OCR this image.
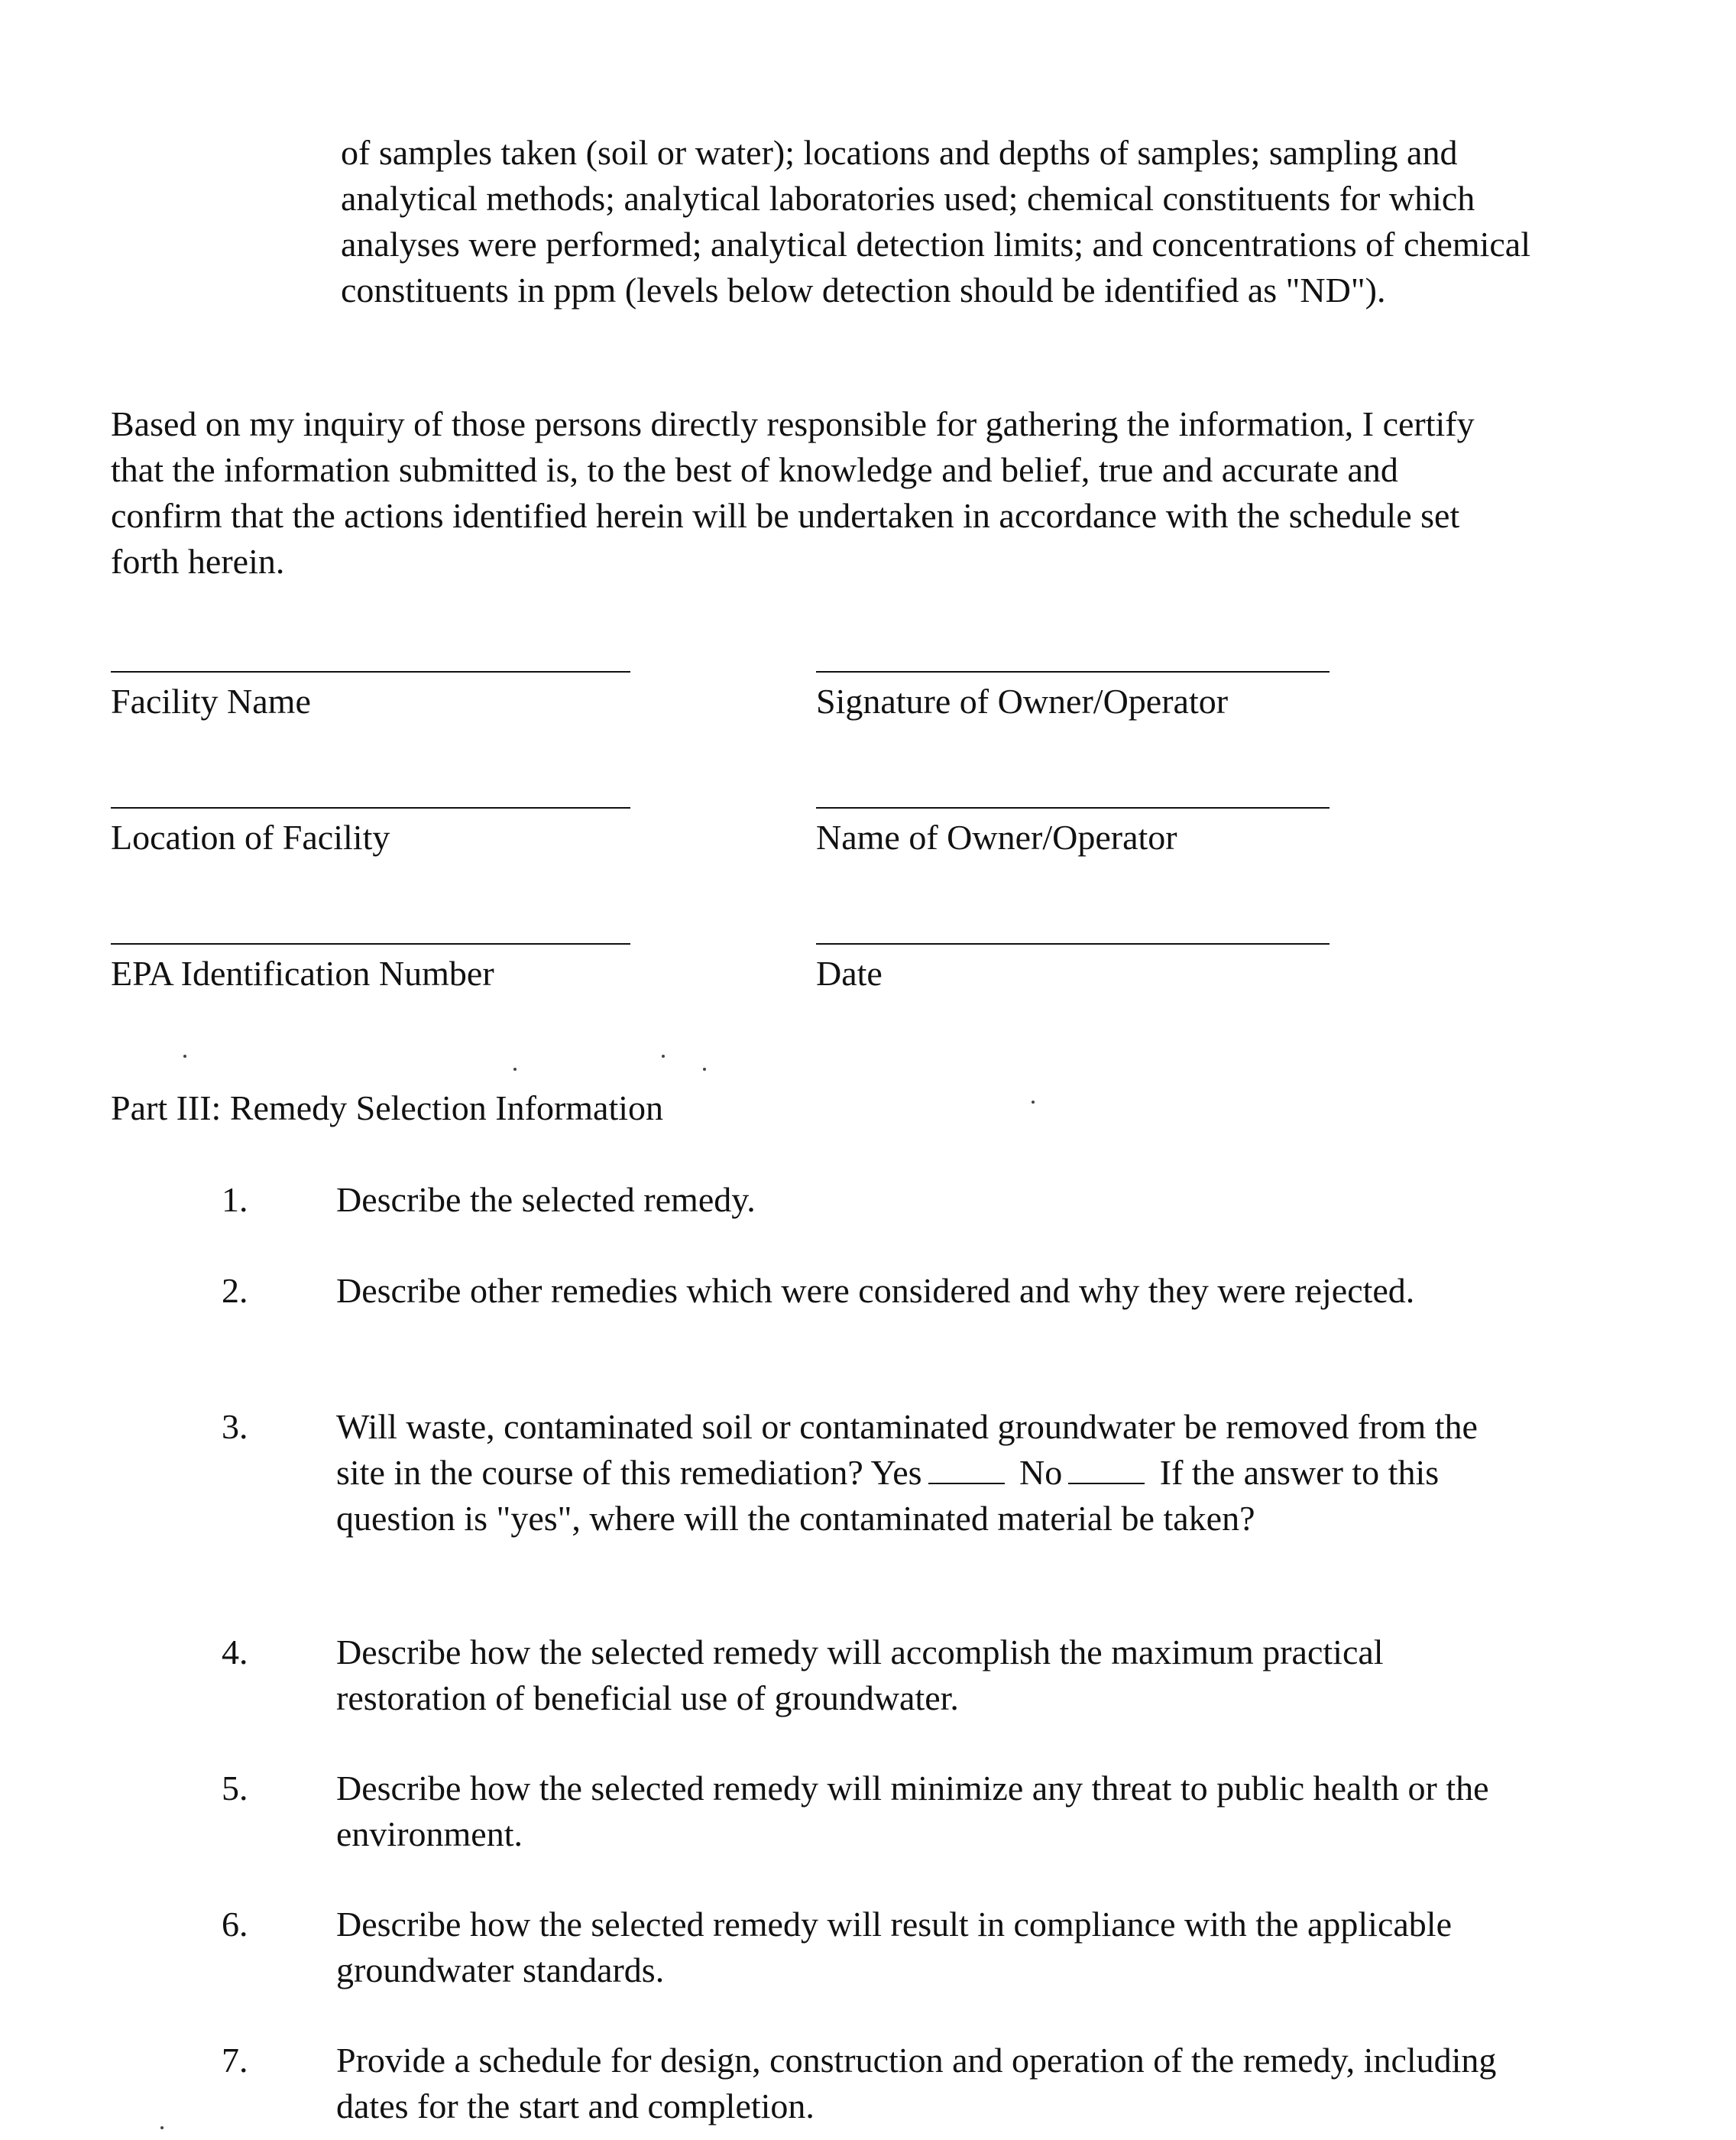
of samples taken (soil or water); locations and depths of samples; sampling and analytical methods; analytical laboratories used; chemical constituents for which analyses were performed; analytical detection limits; and concentrations of chemical constituents in ppm (levels below detection should be identified as "ND").

Based on my inquiry of those persons directly responsible for gathering the information, I certify that the information submitted is, to the best of knowledge and belief, true and accurate and confirm that the actions identified herein will be undertaken in accordance with the schedule set forth herein.

Facility Name	Signature of Owner/Operator
Location of Facility	Name of Owner/Operator
EPA Identification Number	Date
Part III: Remedy Selection Information
1.	Describe the selected remedy.
2.	Describe other remedies which were considered and why they were rejected.
3.	Will waste, contaminated soil or contaminated groundwater be removed from the site in the course of this remediation? Yes	No	If the answer to this question is "yes", where will the contaminated material be taken?
4.	Describe how the selected remedy will accomplish the maximum practical restoration of beneficial use of groundwater.
5.	Describe how the selected remedy will minimize any threat to public health or the environment.
6.	Describe how the selected remedy will result in compliance with the applicable groundwater standards.
7.	Provide a schedule for design, construction and operation of the remedy, including dates for the start and completion.
